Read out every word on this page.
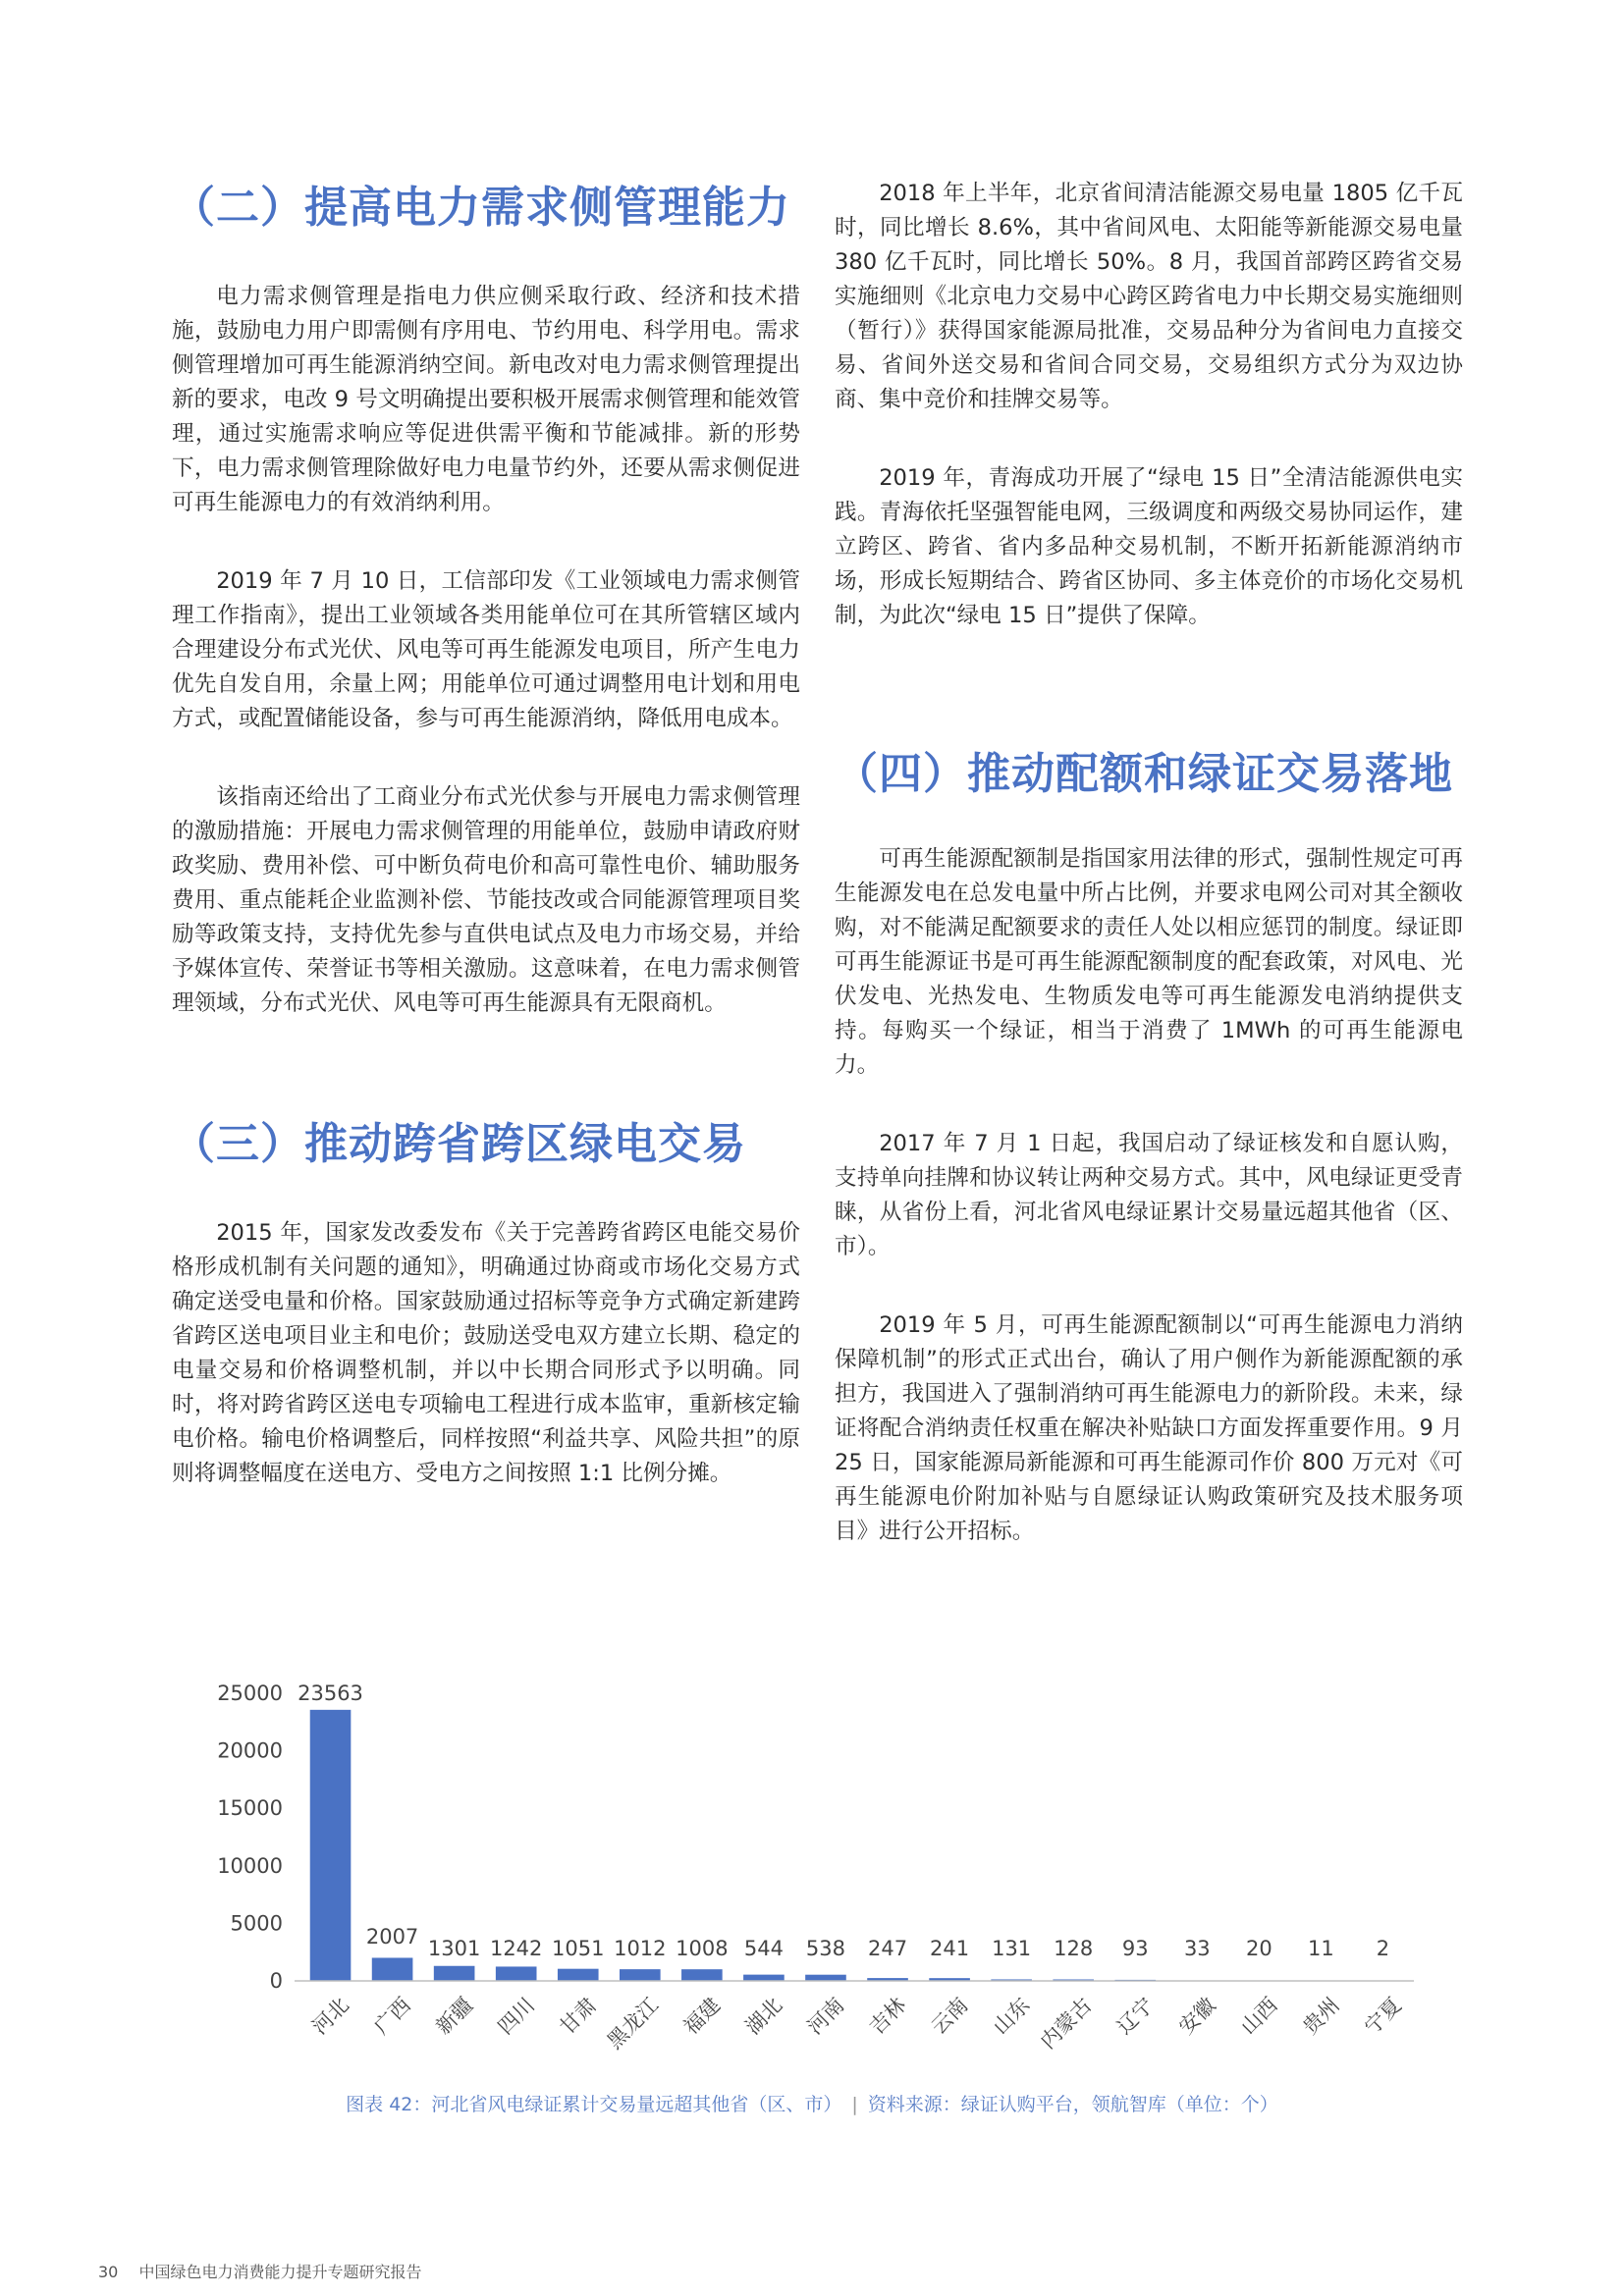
（二）提高电力需求侧管理能力

电力需求侧管理是指电力供应侧采取行政、经济和技术措施，鼓励电力用户即需侧有序用电、节约用电、科学用电。需求侧管理增加可再生能源消纳空间。新电改对电力需求侧管理提出新的要求，电改 9 号文明确提出要积极开展需求侧管理和能效管理，通过实施需求响应等促进供需平衡和节能减排。新的形势下，电力需求侧管理除做好电力电量节约外，还要从需求侧促进可再生能源电力的有效消纳利用。

2019 年 7 月 10 日，工信部印发《工业领域电力需求侧管理工作指南》，提出工业领域各类用能单位可在其所管辖区域内合理建设分布式光伏、风电等可再生能源发电项目，所产生电力优先自发自用，余量上网；用能单位可通过调整用电计划和用电方式，或配置储能设备，参与可再生能源消纳，降低用电成本。

该指南还给出了工商业分布式光伏参与开展电力需求侧管理的激励措施：开展电力需求侧管理的用能单位，鼓励申请政府财政奖励、费用补偿、可中断负荷电价和高可靠性电价、辅助服务费用、重点能耗企业监测补偿、节能技改或合同能源管理项目奖励等政策支持，支持优先参与直供电试点及电力市场交易，并给予媒体宣传、荣誉证书等相关激励。这意味着，在电力需求侧管理领域，分布式光伏、风电等可再生能源具有无限商机。

（三）推动跨省跨区绿电交易

2015 年，国家发改委发布《关于完善跨省跨区电能交易价格形成机制有关问题的通知》，明确通过协商或市场化交易方式确定送受电量和价格。国家鼓励通过招标等竞争方式确定新建跨省跨区送电项目业主和电价；鼓励送受电双方建立长期、稳定的电量交易和价格调整机制，并以中长期合同形式予以明确。同时，将对跨省跨区送电专项输电工程进行成本监审，重新核定输电价格。输电价格调整后，同样按照“利益共享、风险共担”的原则将调整幅度在送电方、受电方之间按照 1:1 比例分摊。

2018 年上半年，北京省间清洁能源交易电量 1805 亿千瓦时，同比增长 8.6%，其中省间风电、太阳能等新能源交易电量 380 亿千瓦时，同比增长 50%。8 月，我国首部跨区跨省交易实施细则《北京电力交易中心跨区跨省电力中长期交易实施细则（暂行）》获得国家能源局批准，交易品种分为省间电力直接交易、省间外送交易和省间合同交易，交易组织方式分为双边协商、集中竞价和挂牌交易等。

2019 年，青海成功开展了“绿电 15 日”全清洁能源供电实践。青海依托坚强智能电网，三级调度和两级交易协同运作，建立跨区、跨省、省内多品种交易机制，不断开拓新能源消纳市场，形成长短期结合、跨省区协同、多主体竞价的市场化交易机制，为此次“绿电 15 日”提供了保障。

（四）推动配额和绿证交易落地

可再生能源配额制是指国家用法律的形式，强制性规定可再生能源发电在总发电量中所占比例，并要求电网公司对其全额收购，对不能满足配额要求的责任人处以相应惩罚的制度。绿证即可再生能源证书是可再生能源配额制度的配套政策，对风电、光伏发电、光热发电、生物质发电等可再生能源发电消纳提供支持。每购买一个绿证，相当于消费了 1MWh 的可再生能源电力。

2017 年 7 月 1 日起，我国启动了绿证核发和自愿认购，支持单向挂牌和协议转让两种交易方式。其中，风电绿证更受青睐，从省份上看，河北省风电绿证累计交易量远超其他省（区、市）。

2019 年 5 月，可再生能源配额制以“可再生能源电力消纳保障机制”的形式正式出台，确认了用户侧作为新能源配额的承担方，我国进入了强制消纳可再生能源电力的新阶段。未来，绿证将配合消纳责任权重在解决补贴缺口方面发挥重要作用。9 月 25 日，国家能源局新能源和可再生能源司作价 800 万元对《可再生能源电价附加补贴与自愿绿证认购政策研究及技术服务项目》进行公开招标。

0
5000
10000
15000
20000
25000 23563
2007 1301 1242 1051 1012 1008 544 538 247 241 131 128 93 33 20 11 2
河北 广西 新疆 四川 甘肃 黑龙江 福建 湖北 河南 吉林 云南 山东 内蒙古 辽宁 安徽 山西 贵州 宁夏
图表 42：河北省风电绿证累计交易量远超其他省（区、市） | 资料来源：绿证认购平台，领航智库（单位：个）
30 中国绿色电力消费能力提升专题研究报告
